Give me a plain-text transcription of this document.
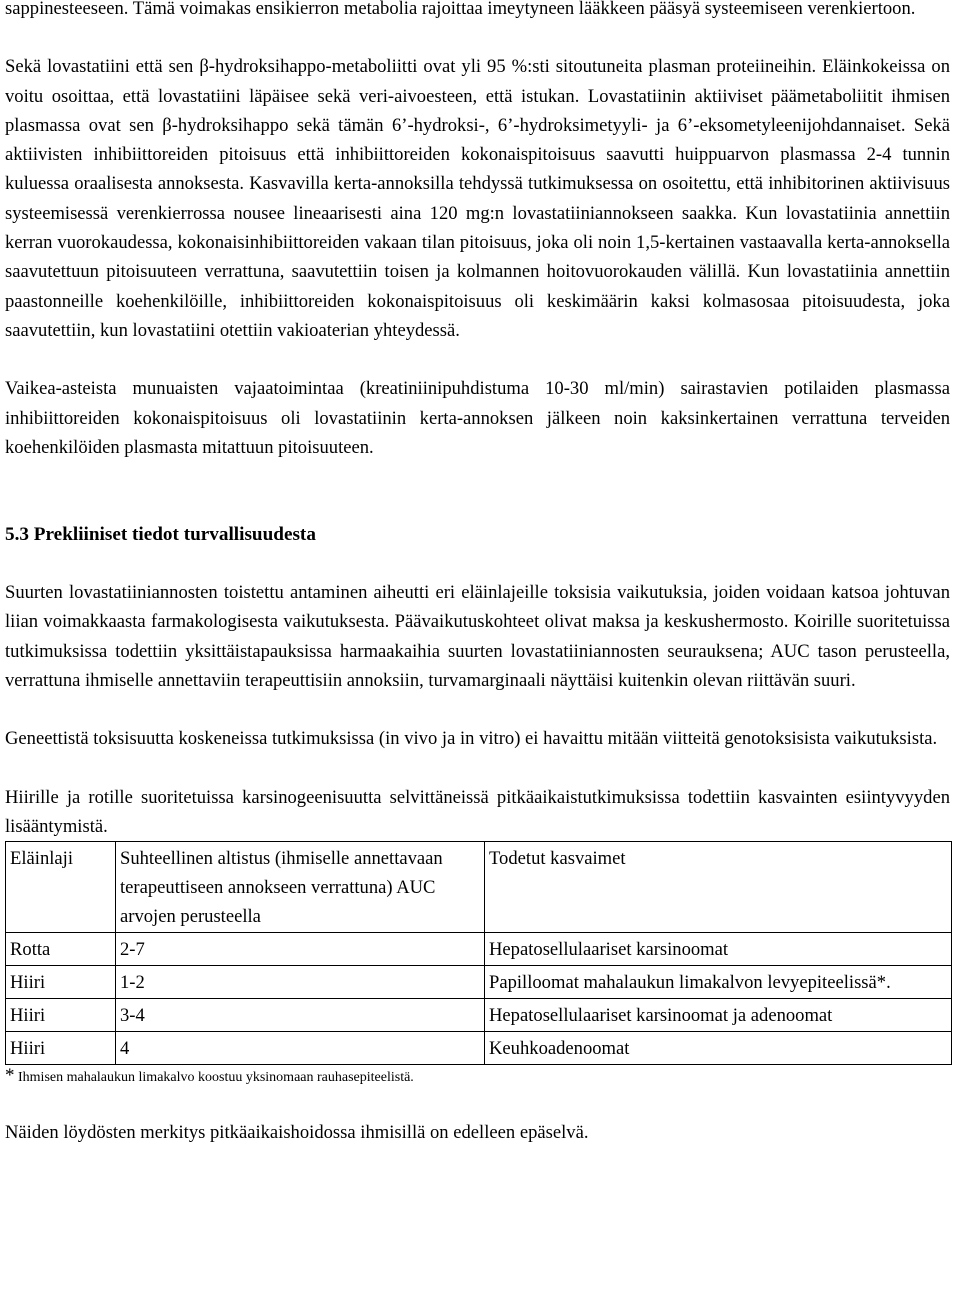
sappinesteeseen. Tämä voimakas ensikierron metabolia rajoittaa imeytyneen lääkkeen pääsyä systeemiseen verenkiertoon.

Sekä lovastatiini että sen β-hydroksihappo-metaboliitti ovat yli 95 %:sti sitoutuneita plasman proteiineihin. Eläinkokeissa on voitu osoittaa, että lovastatiini läpäisee sekä veri-aivoesteen, että istukan. Lovastatiinin aktiiviset päämetaboliitit ihmisen plasmassa ovat sen β-hydroksihappo sekä tämän 6’-hydroksi-, 6’-hydroksimetyyli- ja 6’-eksometyleenijohdannaiset. Sekä aktiivisten inhibiittoreiden pitoisuus että inhibiittoreiden kokonaispitoisuus saavutti huippuarvon plasmassa 2-4 tunnin kuluessa oraalisesta annoksesta. Kasvavilla kerta-annoksilla tehdyssä tutkimuksessa on osoitettu, että inhibitorinen aktiivisuus systeemisessä verenkierrossa nousee lineaarisesti aina 120 mg:n lovastatiiniannokseen saakka. Kun lovastatiinia annettiin kerran vuorokaudessa, kokonaisinhibiittoreiden vakaan tilan pitoisuus, joka oli noin 1,5-kertainen vastaavalla kerta-annoksella saavutettuun pitoisuuteen verrattuna, saavutettiin toisen ja kolmannen hoitovuorokauden välillä. Kun lovastatiinia annettiin paastonneille koehenkilöille, inhibiittoreiden kokonaispitoisuus oli keskimäärin kaksi kolmasosaa pitoisuudesta, joka saavutettiin, kun lovastatiini otettiin vakioaterian yhteydessä.

Vaikea-asteista munuaisten vajaatoimintaa (kreatiniinipuhdistuma 10-30 ml/min) sairastavien potilaiden plasmassa inhibiittoreiden kokonaispitoisuus oli lovastatiinin kerta-annoksen jälkeen noin kaksinkertainen verrattuna terveiden koehenkilöiden plasmasta mitattuun pitoisuuteen.

5.3 Prekliiniset tiedot turvallisuudesta

Suurten lovastatiiniannosten toistettu antaminen aiheutti eri eläinlajeille toksisia vaikutuksia, joiden voidaan katsoa johtuvan liian voimakkaasta farmakologisesta vaikutuksesta. Päävaikutuskohteet olivat maksa ja keskushermosto. Koirille suoritetuissa tutkimuksissa todettiin yksittäistapauksissa harmaakaihia suurten lovastatiiniannosten seurauksena; AUC tason perusteella, verrattuna ihmiselle annettaviin terapeuttisiin annoksiin, turvamarginaali näyttäisi kuitenkin olevan riittävän suuri.

Geneettistä toksisuutta koskeneissa tutkimuksissa (in vivo ja in vitro) ei havaittu mitään viitteitä genotoksisista vaikutuksista.

Hiirille ja rotille suoritetuissa karsinogeenisuutta selvittäneissä pitkäaikaistutkimuksissa todettiin kasvainten esiintyvyyden lisääntymistä.

Eläinlaji	Suhteellinen altistus (ihmiselle annettavaan terapeuttiseen annokseen verrattuna) AUC arvojen perusteella	Todetut kasvaimet
Rotta	2-7	Hepatosellulaariset karsinoomat
Hiiri	1-2	Papilloomat mahalaukun limakalvon levyepiteelissä*.
Hiiri	3-4	Hepatosellulaariset karsinoomat ja adenoomat
Hiiri	4	Keuhkoadenoomat

* Ihmisen mahalaukun limakalvo koostuu yksinomaan rauhasepiteelistä.

Näiden löydösten merkitys pitkäaikaishoidossa ihmisillä on edelleen epäselvä.
